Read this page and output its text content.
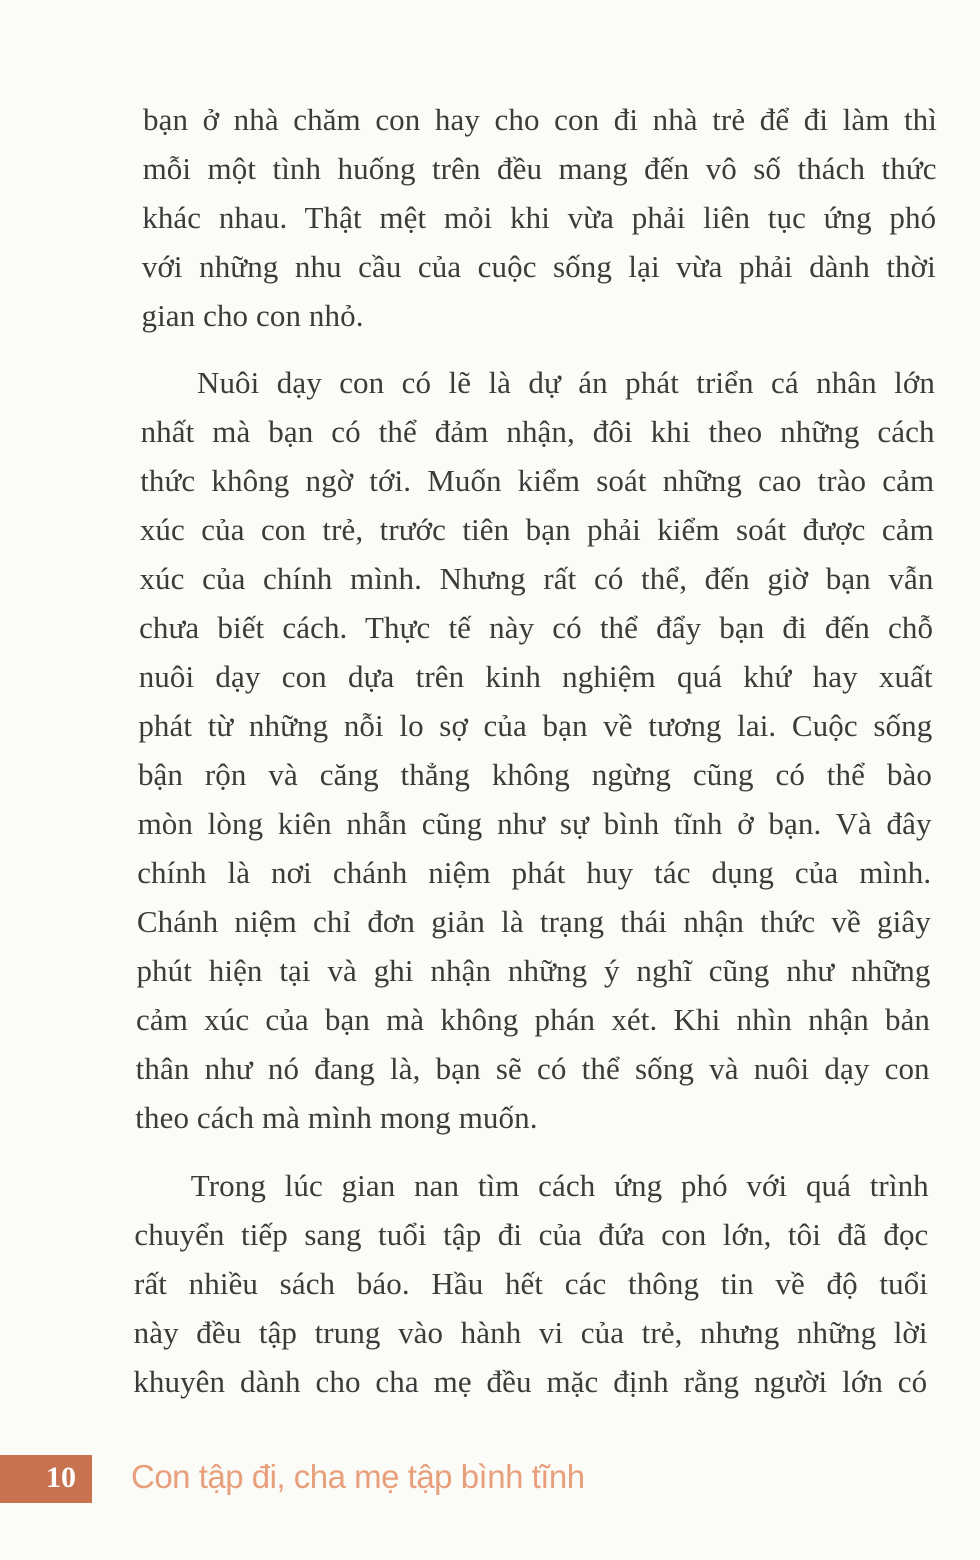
bạn ở nhà chăm con hay cho con đi nhà trẻ để đi làm thì
mỗi một tình huống trên đều mang đến vô số thách thức
khác nhau. Thật mệt mỏi khi vừa phải liên tục ứng phó
với những nhu cầu của cuộc sống lại vừa phải dành thời
gian cho con nhỏ.
Nuôi dạy con có lẽ là dự án phát triển cá nhân lớn
nhất mà bạn có thể đảm nhận, đôi khi theo những cách
thức không ngờ tới. Muốn kiểm soát những cao trào cảm
xúc của con trẻ, trước tiên bạn phải kiểm soát được cảm
xúc của chính mình. Nhưng rất có thể, đến giờ bạn vẫn
chưa biết cách. Thực tế này có thể đẩy bạn đi đến chỗ
nuôi dạy con dựa trên kinh nghiệm quá khứ hay xuất
phát từ những nỗi lo sợ của bạn về tương lai. Cuộc sống
bận rộn và căng thẳng không ngừng cũng có thể bào
mòn lòng kiên nhẫn cũng như sự bình tĩnh ở bạn. Và đây
chính là nơi chánh niệm phát huy tác dụng của mình.
Chánh niệm chỉ đơn giản là trạng thái nhận thức về giây
phút hiện tại và ghi nhận những ý nghĩ cũng như những
cảm xúc của bạn mà không phán xét. Khi nhìn nhận bản
thân như nó đang là, bạn sẽ có thể sống và nuôi dạy con
theo cách mà mình mong muốn.
Trong lúc gian nan tìm cách ứng phó với quá trình
chuyển tiếp sang tuổi tập đi của đứa con lớn, tôi đã đọc
rất nhiều sách báo. Hầu hết các thông tin về độ tuổi
này đều tập trung vào hành vi của trẻ, nhưng những lời
khuyên dành cho cha mẹ đều mặc định rằng người lớn có
10 Con tập đi, cha mẹ tập bình tĩnh
